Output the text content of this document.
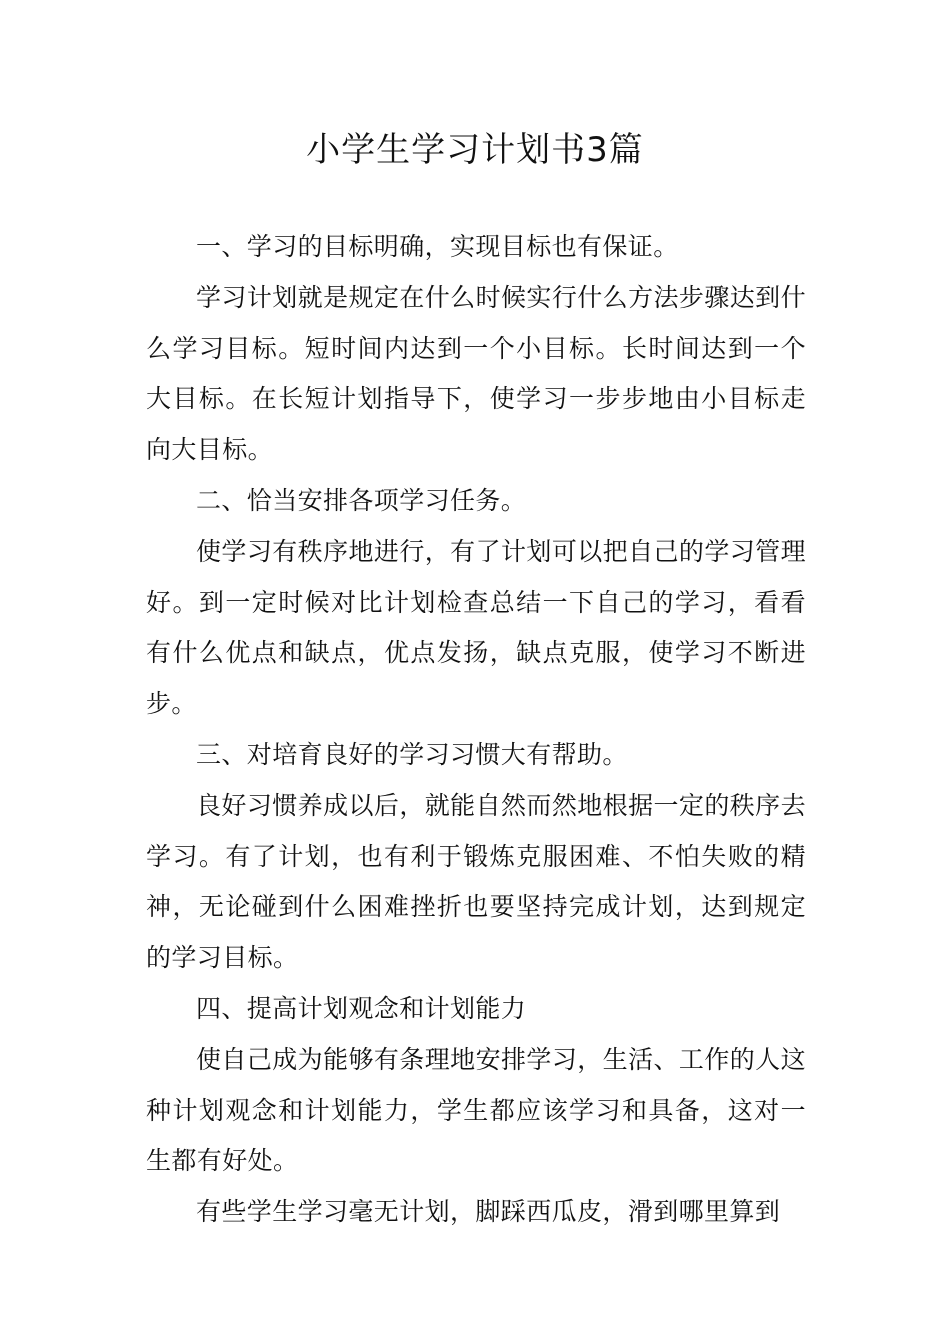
小学生学习计划书3篇

一、学习的目标明确，实现目标也有保证。

学习计划就是规定在什么时候实行什么方法步骤达到什么学习目标。短时间内达到一个小目标。长时间达到一个大目标。在长短计划指导下，使学习一步步地由小目标走向大目标。

二、恰当安排各项学习任务。

使学习有秩序地进行，有了计划可以把自己的学习管理好。到一定时候对比计划检查总结一下自己的学习，看看有什么优点和缺点，优点发扬，缺点克服，使学习不断进步。

三、对培育良好的学习习惯大有帮助。

良好习惯养成以后，就能自然而然地根据一定的秩序去学习。有了计划，也有利于锻炼克服困难、不怕失败的精神，无论碰到什么困难挫折也要坚持完成计划，达到规定的学习目标。

四、提高计划观念和计划能力

使自己成为能够有条理地安排学习，生活、工作的人这种计划观念和计划能力，学生都应该学习和具备，这对一生都有好处。

有些学生学习毫无计划，脚踩西瓜皮，滑到哪里算到
